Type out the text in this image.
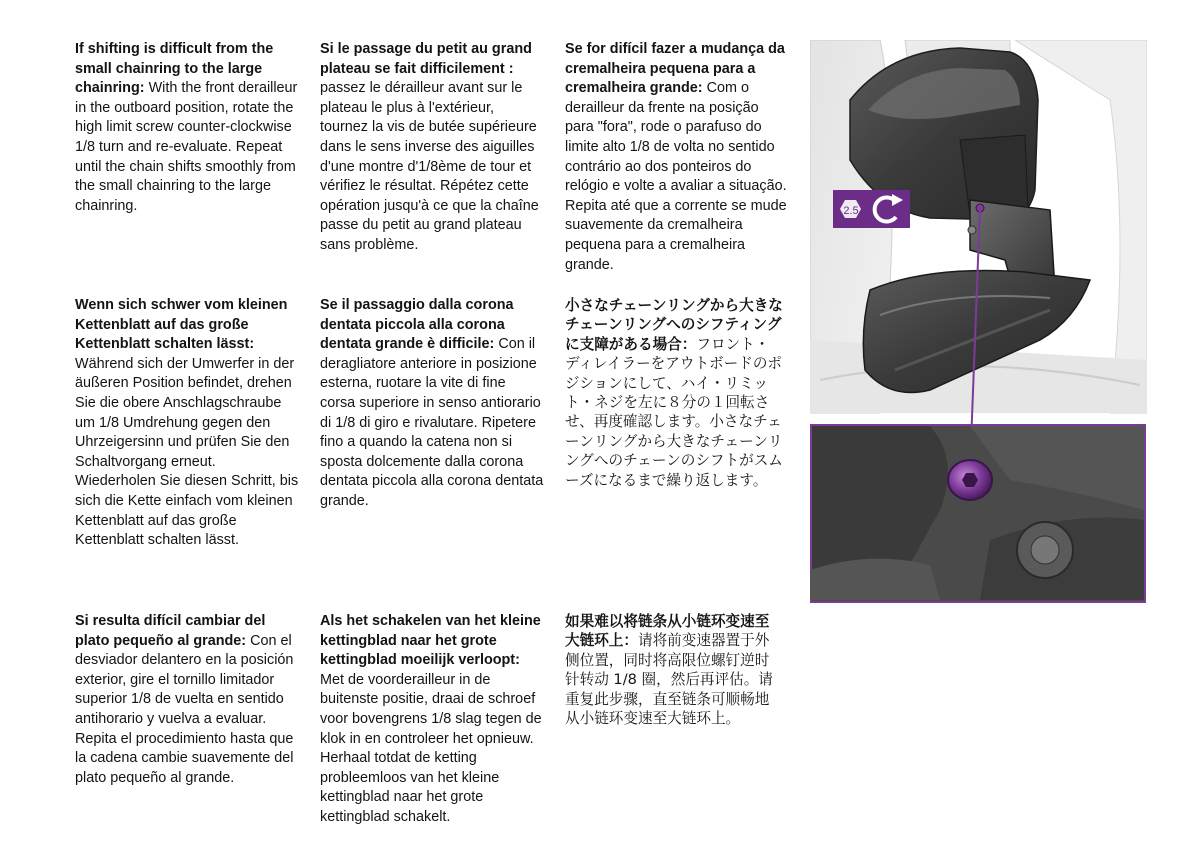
If shifting is difficult from the small chainring to the large chainring: With the front derailleur in the outboard position, rotate the high limit screw counter-clockwise 1/8 turn and re-evaluate. Repeat until the chain shifts smoothly from the small chainring to the large chainring.

Wenn sich schwer vom kleinen Kettenblatt auf das große Kettenblatt schalten lässt: Während sich der Umwerfer in der äußeren Position befindet, drehen Sie die obere Anschlagschraube um 1/8 Umdrehung gegen den Uhrzeigersinn und prüfen Sie den Schaltvorgang erneut. Wiederholen Sie diesen Schritt, bis sich die Kette einfach vom kleinen Kettenblatt auf das große Kettenblatt schalten lässt.

Si resulta difícil cambiar del plato pequeño al grande: Con el desviador delantero en la posición exterior, gire el tornillo limitador superior 1/8 de vuelta en sentido antihorario y vuelva a evaluar. Repita el procedimiento hasta que la cadena cambie suavemente del plato pequeño al grande.

Si le passage du petit au grand plateau se fait difficilement : passez le dérailleur avant sur le plateau le plus à l'extérieur, tournez la vis de butée supérieure dans le sens inverse des aiguilles d'une montre d'1/8ème de tour et vérifiez le résultat. Répétez cette opération jusqu'à ce que la chaîne passe du petit au grand plateau sans problème.

Se il passaggio dalla corona dentata piccola alla corona dentata grande è difficile: Con il deragliatore anteriore in posizione esterna, ruotare la vite di fine corsa superiore in senso antiorario di 1/8 di giro e rivalutare. Ripetere fino a quando la catena non si sposta dolcemente dalla corona dentata piccola alla corona dentata grande.

Als het schakelen van het kleine kettingblad naar het grote kettingblad moeilijk verloopt: Met de voorderailleur in de buitenste positie, draai de schroef voor bovengrens 1/8 slag tegen de klok in en controleer het opnieuw. Herhaal totdat de ketting probleemloos van het kleine kettingblad naar het grote kettingblad schakelt.

Se for difícil fazer a mudança da cremalheira pequena para a cremalheira grande: Com o derailleur da frente na posição para "fora", rode o parafuso do limite alto 1/8 de volta no sentido contrário ao dos ponteiros do relógio e volte a avaliar a situação. Repita até que a corrente se mude suavemente da cremalheira pequena para a cremalheira grande.

小さなチェーンリングから大きなチェーンリングへのシフティングに支障がある場合：フロント・ディレイラーをアウトボードのポジションにして、ハイ・リミット・ネジを左に８分の１回転させ、再度確認します。小さなチェーンリングから大きなチェーンリングへのチェーンのシフトがスムーズになるまで繰り返します。

如果难以将链条从小链环变速至大链环上：请将前变速器置于外侧位置，同时将高限位螺钉逆时针转动 1/8 圈，然后再评估。请重复此步骤，直至链条可顺畅地从小链环变速至大链环上。

2.5
